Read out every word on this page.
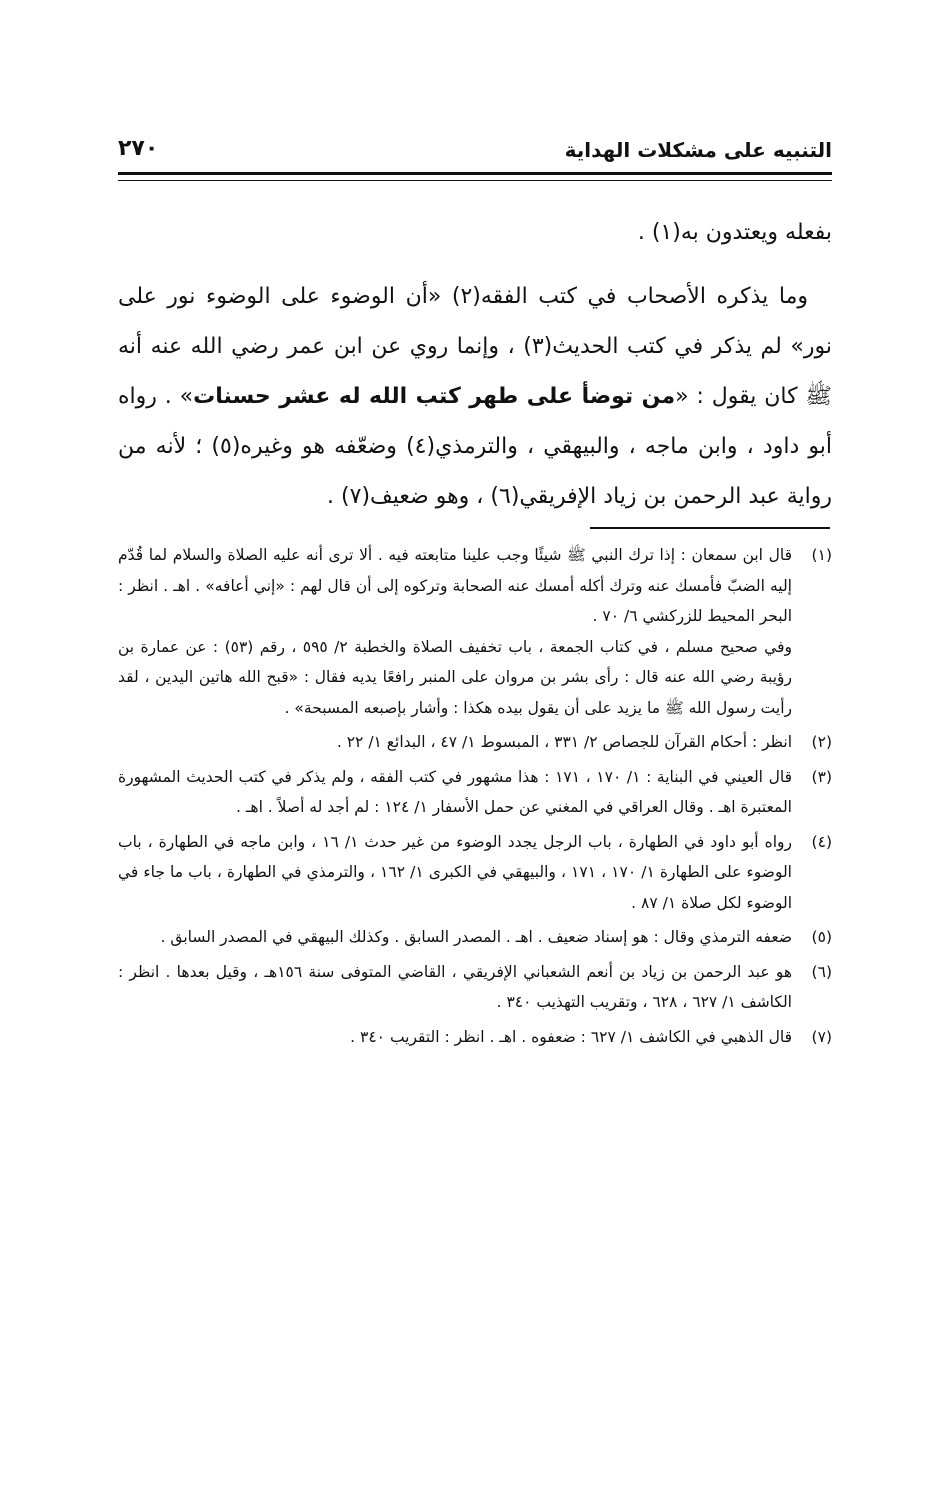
التنبيه على مشكلات الهداية
٢٧٠

بفعله ويعتدون به(١) .

وما يذكره الأصحاب في كتب الفقه(٢) «أن الوضوء على الوضوء نور على نور» لم يذكر في كتب الحديث(٣) ، وإنما روي عن ابن عمر رضي الله عنه أنه ﷺ كان يقول : «من توضأ على طهر كتب الله له عشر حسنات» . رواه أبو داود ، وابن ماجه ، والبيهقي ، والترمذي(٤) وضعّفه هو وغيره(٥) ؛ لأنه من رواية عبد الرحمن بن زياد الإفريقي(٦) ، وهو ضعيف(٧) .

(١)

قال ابن سمعان : إذا ترك النبي ﷺ شيئًا وجب علينا متابعته فيه . ألا ترى أنه عليه الصلاة والسلام لما قُدّم إليه الضبّ فأمسك عنه وترك أكله أمسك عنه الصحابة وتركوه إلى أن قال لهم : «إني أعافه» . اهـ . انظر : البحر المحيط للزركشي ٦/ ٧٠ .

وفي صحيح مسلم ، في كتاب الجمعة ، باب تخفيف الصلاة والخطبة ٢/ ٥٩٥ ، رقم (٥٣) : عن عمارة بن رؤيبة رضي الله عنه قال : رأى بشر بن مروان على المنبر رافعًا يديه فقال : «قبح الله هاتين اليدين ، لقد رأيت رسول الله ﷺ ما يزيد على أن يقول بيده هكذا : وأشار بإصبعه المسبحة» .

(٢)

انظر : أحكام القرآن للجصاص ٢/ ٣٣١ ، المبسوط ١/ ٤٧ ، البدائع ١/ ٢٢ .

(٣)

قال العيني في البناية : ١/ ١٧٠ ، ١٧١ : هذا مشهور في كتب الفقه ، ولم يذكر في كتب الحديث المشهورة المعتبرة اهـ . وقال العراقي في المغني عن حمل الأسفار ١/ ١٢٤ : لم أجد له أصلاً . اهـ .

(٤)

رواه أبو داود في الطهارة ، باب الرجل يجدد الوضوء من غير حدث ١/ ١٦ ، وابن ماجه في الطهارة ، باب الوضوء على الطهارة ١/ ١٧٠ ، ١٧١ ، والبيهقي في الكبرى ١/ ١٦٢ ، والترمذي في الطهارة ، باب ما جاء في الوضوء لكل صلاة ١/ ٨٧ .

(٥)

ضعفه الترمذي وقال : هو إسناد ضعيف . اهـ . المصدر السابق . وكذلك البيهقي في المصدر السابق .

(٦)

هو عبد الرحمن بن زياد بن أنعم الشعباني الإفريقي ، القاضي المتوفى سنة ١٥٦هـ ، وقيل بعدها . انظر : الكاشف ١/ ٦٢٧ ، ٦٢٨ ، وتقريب التهذيب ٣٤٠ .

(٧)

قال الذهبي في الكاشف ١/ ٦٢٧ : ضعفوه . اهـ . انظر : التقريب ٣٤٠ .
